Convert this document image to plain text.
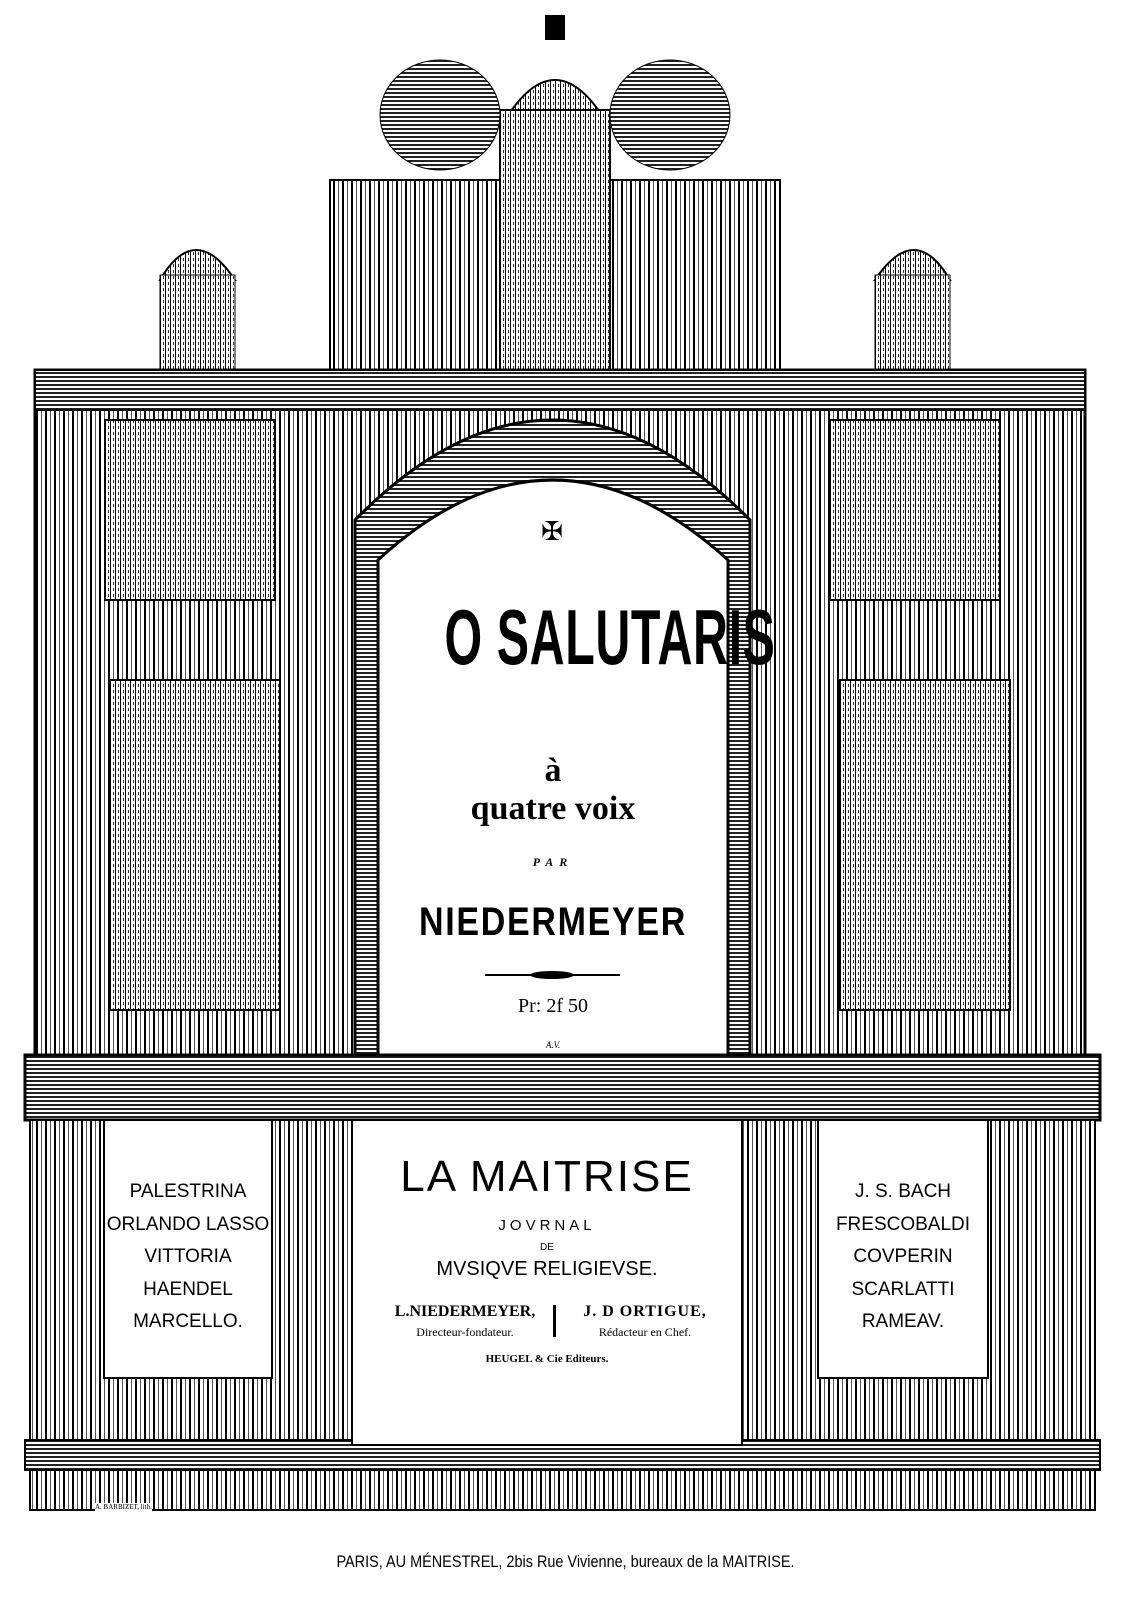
✠
O SALUTARIS
à
quatre voix
PAR
NIEDERMEYER
Pr: 2f 50
A.V.
PALESTRINA
ORLANDO LASSO
VITTORIA
HAENDEL
MARCELLO.
J. S. BACH
FRESCOBALDI
COVPERIN
SCARLATTI
RAMEAV.
LA MAITRISE
JOVRNAL
DE
MVSIQVE RELIGIEVSE.
L.NIEDERMEYER,
Directeur-fondateur.
J. D ORTIGUE,
Rédacteur en Chef.
HEUGEL & Cie Editeurs.
A. BARBIZET, lith.
PARIS, AU MÉNESTREL, 2bis Rue Vivienne, bureaux de la MAITRISE.
